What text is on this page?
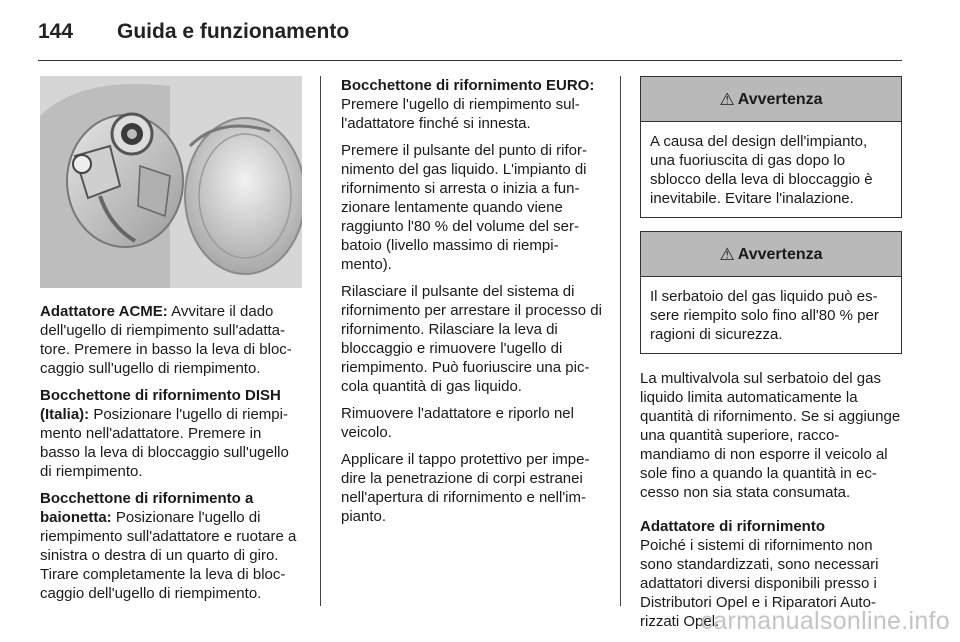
144 Guida e funzionamento

Adattatore ACME: Avvitare il dado dell'ugello di riempimento sull'adattatore. Premere in basso la leva di bloccaggio sull'ugello di riempimento.

Bocchettone di rifornimento DISH (Italia): Posizionare l'ugello di riempimento nell'adattatore. Premere in basso la leva di bloccaggio sull'ugello di riempimento.

Bocchettone di rifornimento a baionetta: Posizionare l'ugello di riempimento sull'adattatore e ruotare a sinistra o destra di un quarto di giro. Tirare completamente la leva di bloccaggio dell'ugello di riempimento.

Bocchettone di rifornimento EURO:
Premere l'ugello di riempimento sull'adattatore finché si innesta.

Premere il pulsante del punto di rifornimento del gas liquido. L'impianto di rifornimento si arresta o inizia a funzionare lentamente quando viene raggiunto l'80 % del volume del serbatoio (livello massimo di riempimento).

Rilasciare il pulsante del sistema di rifornimento per arrestare il processo di rifornimento. Rilasciare la leva di bloccaggio e rimuovere l'ugello di riempimento. Può fuoriuscire una piccola quantità di gas liquido.

Rimuovere l'adattatore e riporlo nel veicolo.

Applicare il tappo protettivo per impedire la penetrazione di corpi estranei nell'apertura di rifornimento e nell'impianto.

⚠ Avvertenza
A causa del design dell'impianto, una fuoriuscita di gas dopo lo sblocco della leva di bloccaggio è inevitabile. Evitare l'inalazione.
⚠ Avvertenza
Il serbatoio del gas liquido può essere riempito solo fino all'80 % per ragioni di sicurezza.

La multivalvola sul serbatoio del gas liquido limita automaticamente la quantità di rifornimento. Se si aggiunge una quantità superiore, raccomandiamo di non esporre il veicolo al sole fino a quando la quantità in eccesso non sia stata consumata.

Adattatore di rifornimento
Poiché i sistemi di rifornimento non sono standardizzati, sono necessari adattatori diversi disponibili presso i Distributori Opel e i Riparatori Autorizzati Opel.

carmanualsonline.info
